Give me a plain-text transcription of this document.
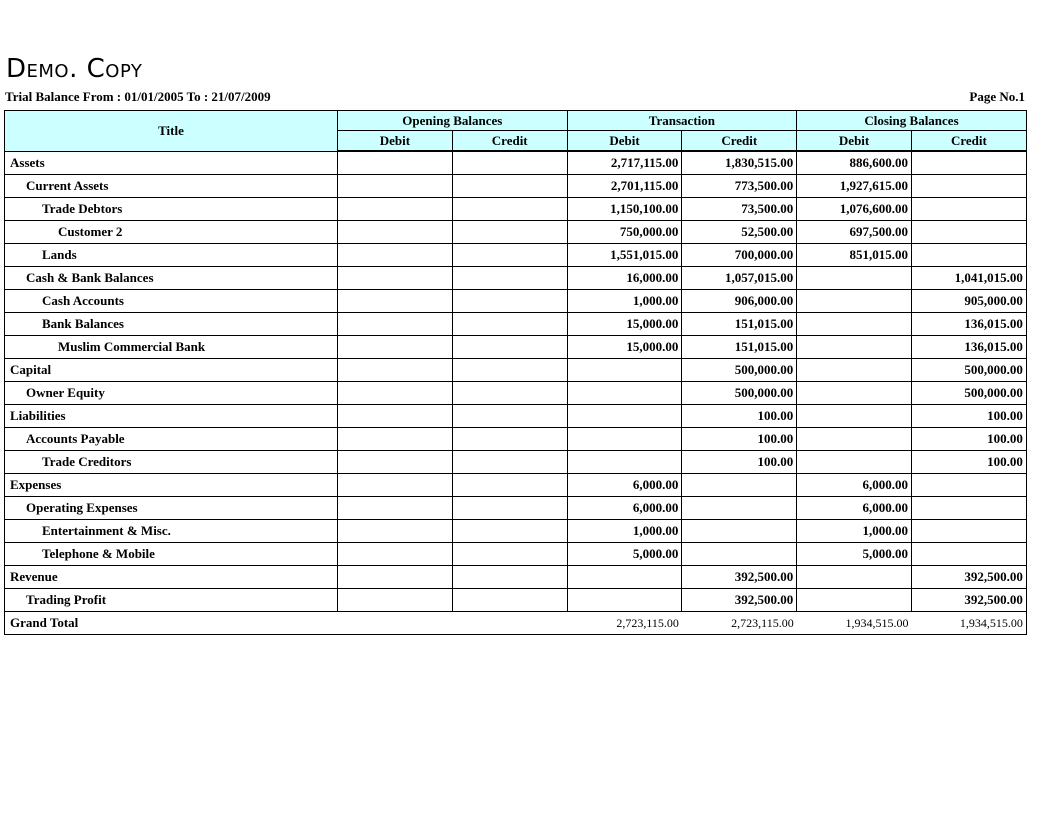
Demo. Copy
Trial Balance From : 01/01/2005 To : 21/07/2009	Page No.1
Title	Opening Balances		Transaction		Closing Balances	
	Debit	Credit	Debit	Credit	Debit	Credit
Assets			2,717,115.00	1,830,515.00	886,600.00	
Current Assets			2,701,115.00	773,500.00	1,927,615.00	
Trade Debtors			1,150,100.00	73,500.00	1,076,600.00	
Customer 2			750,000.00	52,500.00	697,500.00	
Lands			1,551,015.00	700,000.00	851,015.00	
Cash & Bank Balances			16,000.00	1,057,015.00		1,041,015.00
Cash Accounts			1,000.00	906,000.00		905,000.00
Bank Balances			15,000.00	151,015.00		136,015.00
Muslim Commercial Bank			15,000.00	151,015.00		136,015.00
Capital				500,000.00		500,000.00
Owner Equity				500,000.00		500,000.00
Liabilities				100.00		100.00
Accounts Payable				100.00		100.00
Trade Creditors				100.00		100.00
Expenses			6,000.00		6,000.00	
Operating Expenses			6,000.00		6,000.00	
Entertainment & Misc.			1,000.00		1,000.00	
Telephone & Mobile			5,000.00		5,000.00	
Revenue				392,500.00		392,500.00
Trading Profit				392,500.00		392,500.00
Grand Total			2,723,115.00	2,723,115.00	1,934,515.00	1,934,515.00
